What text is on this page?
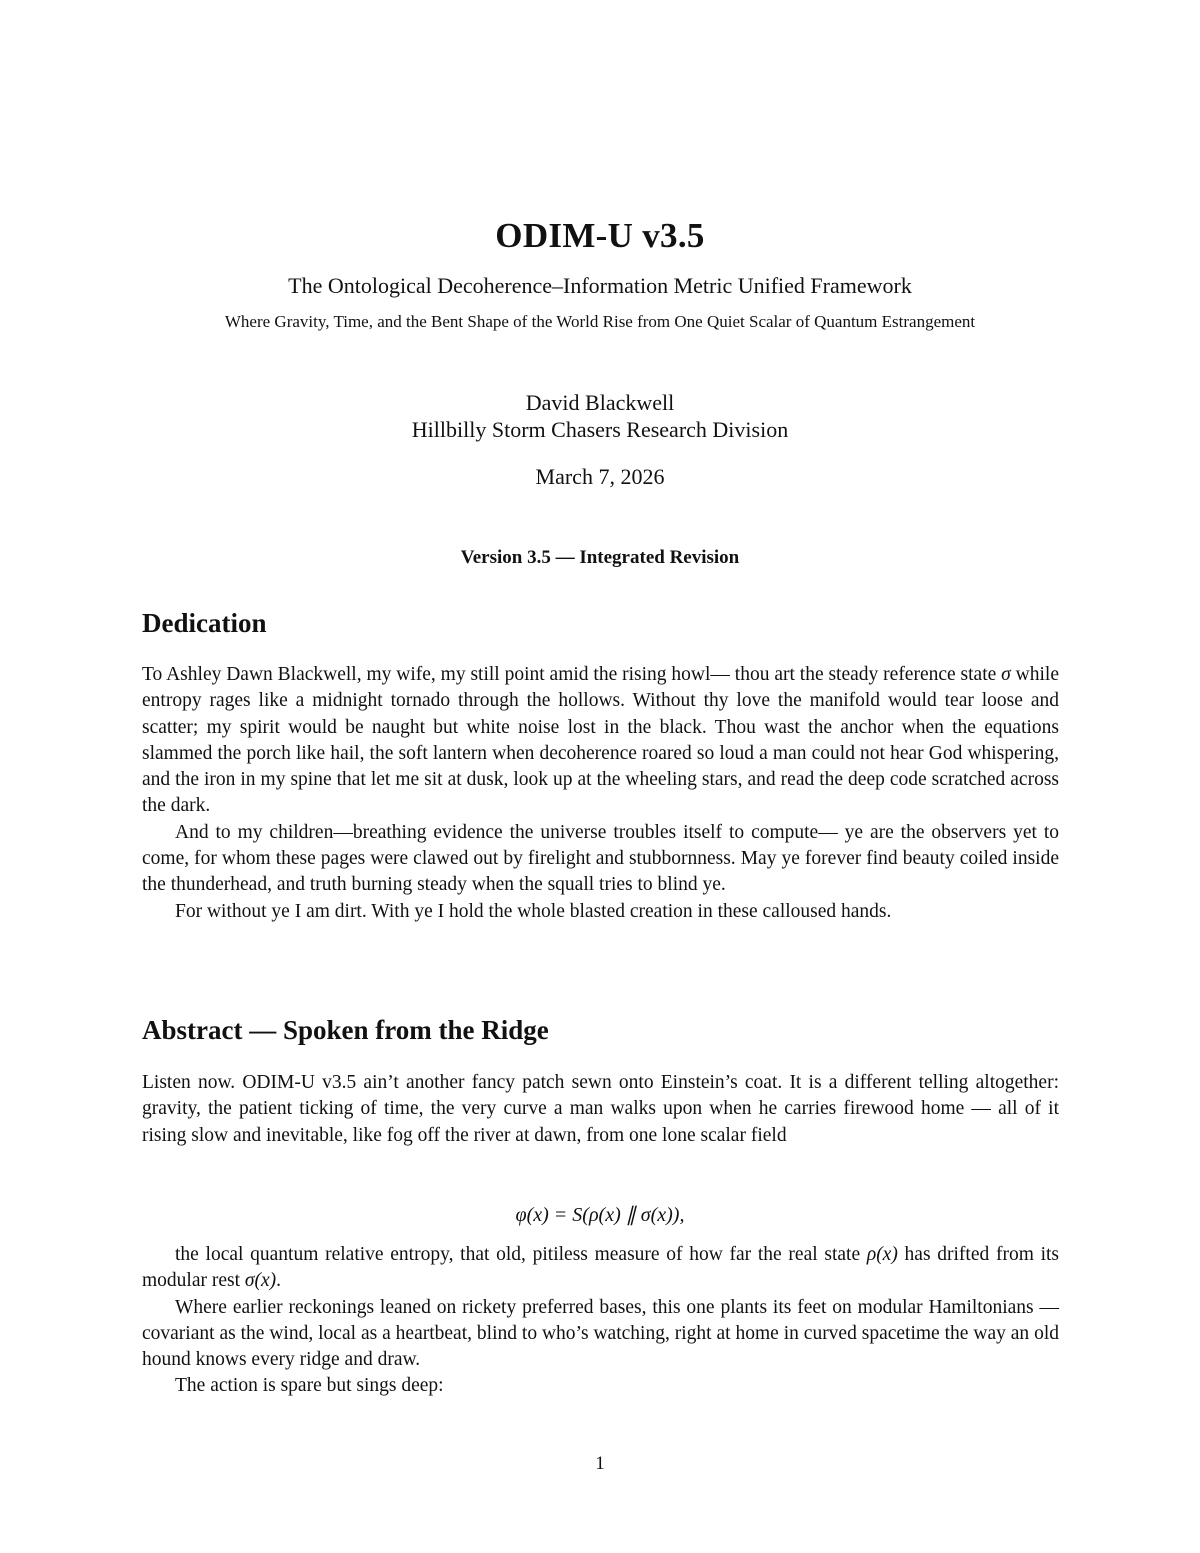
ODIM-U v3.5
The Ontological Decoherence–Information Metric Unified Framework
Where Gravity, Time, and the Bent Shape of the World Rise from One Quiet Scalar of Quantum Estrangement
David Blackwell
Hillbilly Storm Chasers Research Division
March 7, 2026
Version 3.5 — Integrated Revision
Dedication

To Ashley Dawn Blackwell, my wife, my still point amid the rising howl— thou art the steady reference state σ while entropy rages like a midnight tornado through the hollows. Without thy love the manifold would tear loose and scatter; my spirit would be naught but white noise lost in the black. Thou wast the anchor when the equations slammed the porch like hail, the soft lantern when decoherence roared so loud a man could not hear God whispering, and the iron in my spine that let me sit at dusk, look up at the wheeling stars, and read the deep code scratched across the dark.

And to my children—breathing evidence the universe troubles itself to compute— ye are the observers yet to come, for whom these pages were clawed out by firelight and stubbornness. May ye forever find beauty coiled inside the thunderhead, and truth burning steady when the squall tries to blind ye.

For without ye I am dirt. With ye I hold the whole blasted creation in these calloused hands.

Abstract — Spoken from the Ridge

Listen now. ODIM-U v3.5 ain’t another fancy patch sewn onto Einstein’s coat. It is a different telling altogether: gravity, the patient ticking of time, the very curve a man walks upon when he carries firewood home — all of it rising slow and inevitable, like fog off the river at dawn, from one lone scalar field

φ(x) = S(ρ(x) ∥ σ(x)),

the local quantum relative entropy, that old, pitiless measure of how far the real state ρ(x) has drifted from its modular rest σ(x).

Where earlier reckonings leaned on rickety preferred bases, this one plants its feet on modular Hamiltonians — covariant as the wind, local as a heartbeat, blind to who’s watching, right at home in curved spacetime the way an old hound knows every ridge and draw.

The action is spare but sings deep:

1
